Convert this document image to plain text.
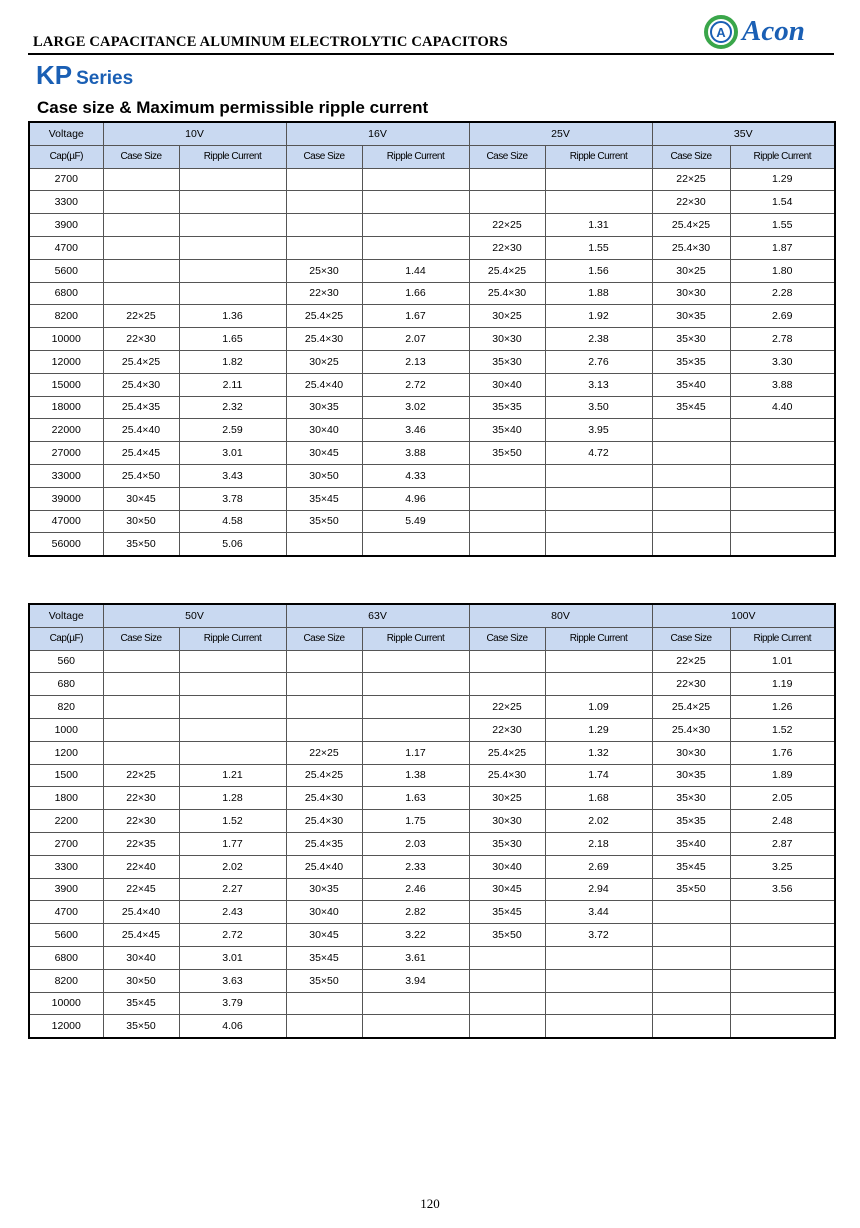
LARGE CAPACITANCE ALUMINUM ELECTROLYTIC CAPACITORS
A Acon
KP Series
Case size & Maximum permissible ripple current
Voltage	10V		16V		25V		35V	
Cap(µF)	Case Size	Ripple Current	Case Size	Ripple Current	Case Size	Ripple Current	Case Size	Ripple Current
2700							22×25	1.29
3300							22×30	1.54
3900					22×25	1.31	25.4×25	1.55
4700					22×30	1.55	25.4×30	1.87
5600			25×30	1.44	25.4×25	1.56	30×25	1.80
6800			22×30	1.66	25.4×30	1.88	30×30	2.28
8200	22×25	1.36	25.4×25	1.67	30×25	1.92	30×35	2.69
10000	22×30	1.65	25.4×30	2.07	30×30	2.38	35×30	2.78
12000	25.4×25	1.82	30×25	2.13	35×30	2.76	35×35	3.30
15000	25.4×30	2.11	25.4×40	2.72	30×40	3.13	35×40	3.88
18000	25.4×35	2.32	30×35	3.02	35×35	3.50	35×45	4.40
22000	25.4×40	2.59	30×40	3.46	35×40	3.95		
27000	25.4×45	3.01	30×45	3.88	35×50	4.72		
33000	25.4×50	3.43	30×50	4.33				
39000	30×45	3.78	35×45	4.96				
47000	30×50	4.58	35×50	5.49				
56000	35×50	5.06						
Voltage	50V		63V		80V		100V	
Cap(µF)	Case Size	Ripple Current	Case Size	Ripple Current	Case Size	Ripple Current	Case Size	Ripple Current
560							22×25	1.01
680							22×30	1.19
820					22×25	1.09	25.4×25	1.26
1000					22×30	1.29	25.4×30	1.52
1200			22×25	1.17	25.4×25	1.32	30×30	1.76
1500	22×25	1.21	25.4×25	1.38	25.4×30	1.74	30×35	1.89
1800	22×30	1.28	25.4×30	1.63	30×25	1.68	35×30	2.05
2200	22×30	1.52	25.4×30	1.75	30×30	2.02	35×35	2.48
2700	22×35	1.77	25.4×35	2.03	35×30	2.18	35×40	2.87
3300	22×40	2.02	25.4×40	2.33	30×40	2.69	35×45	3.25
3900	22×45	2.27	30×35	2.46	30×45	2.94	35×50	3.56
4700	25.4×40	2.43	30×40	2.82	35×45	3.44		
5600	25.4×45	2.72	30×45	3.22	35×50	3.72		
6800	30×40	3.01	35×45	3.61				
8200	30×50	3.63	35×50	3.94				
10000	35×45	3.79						
12000	35×50	4.06						
120
